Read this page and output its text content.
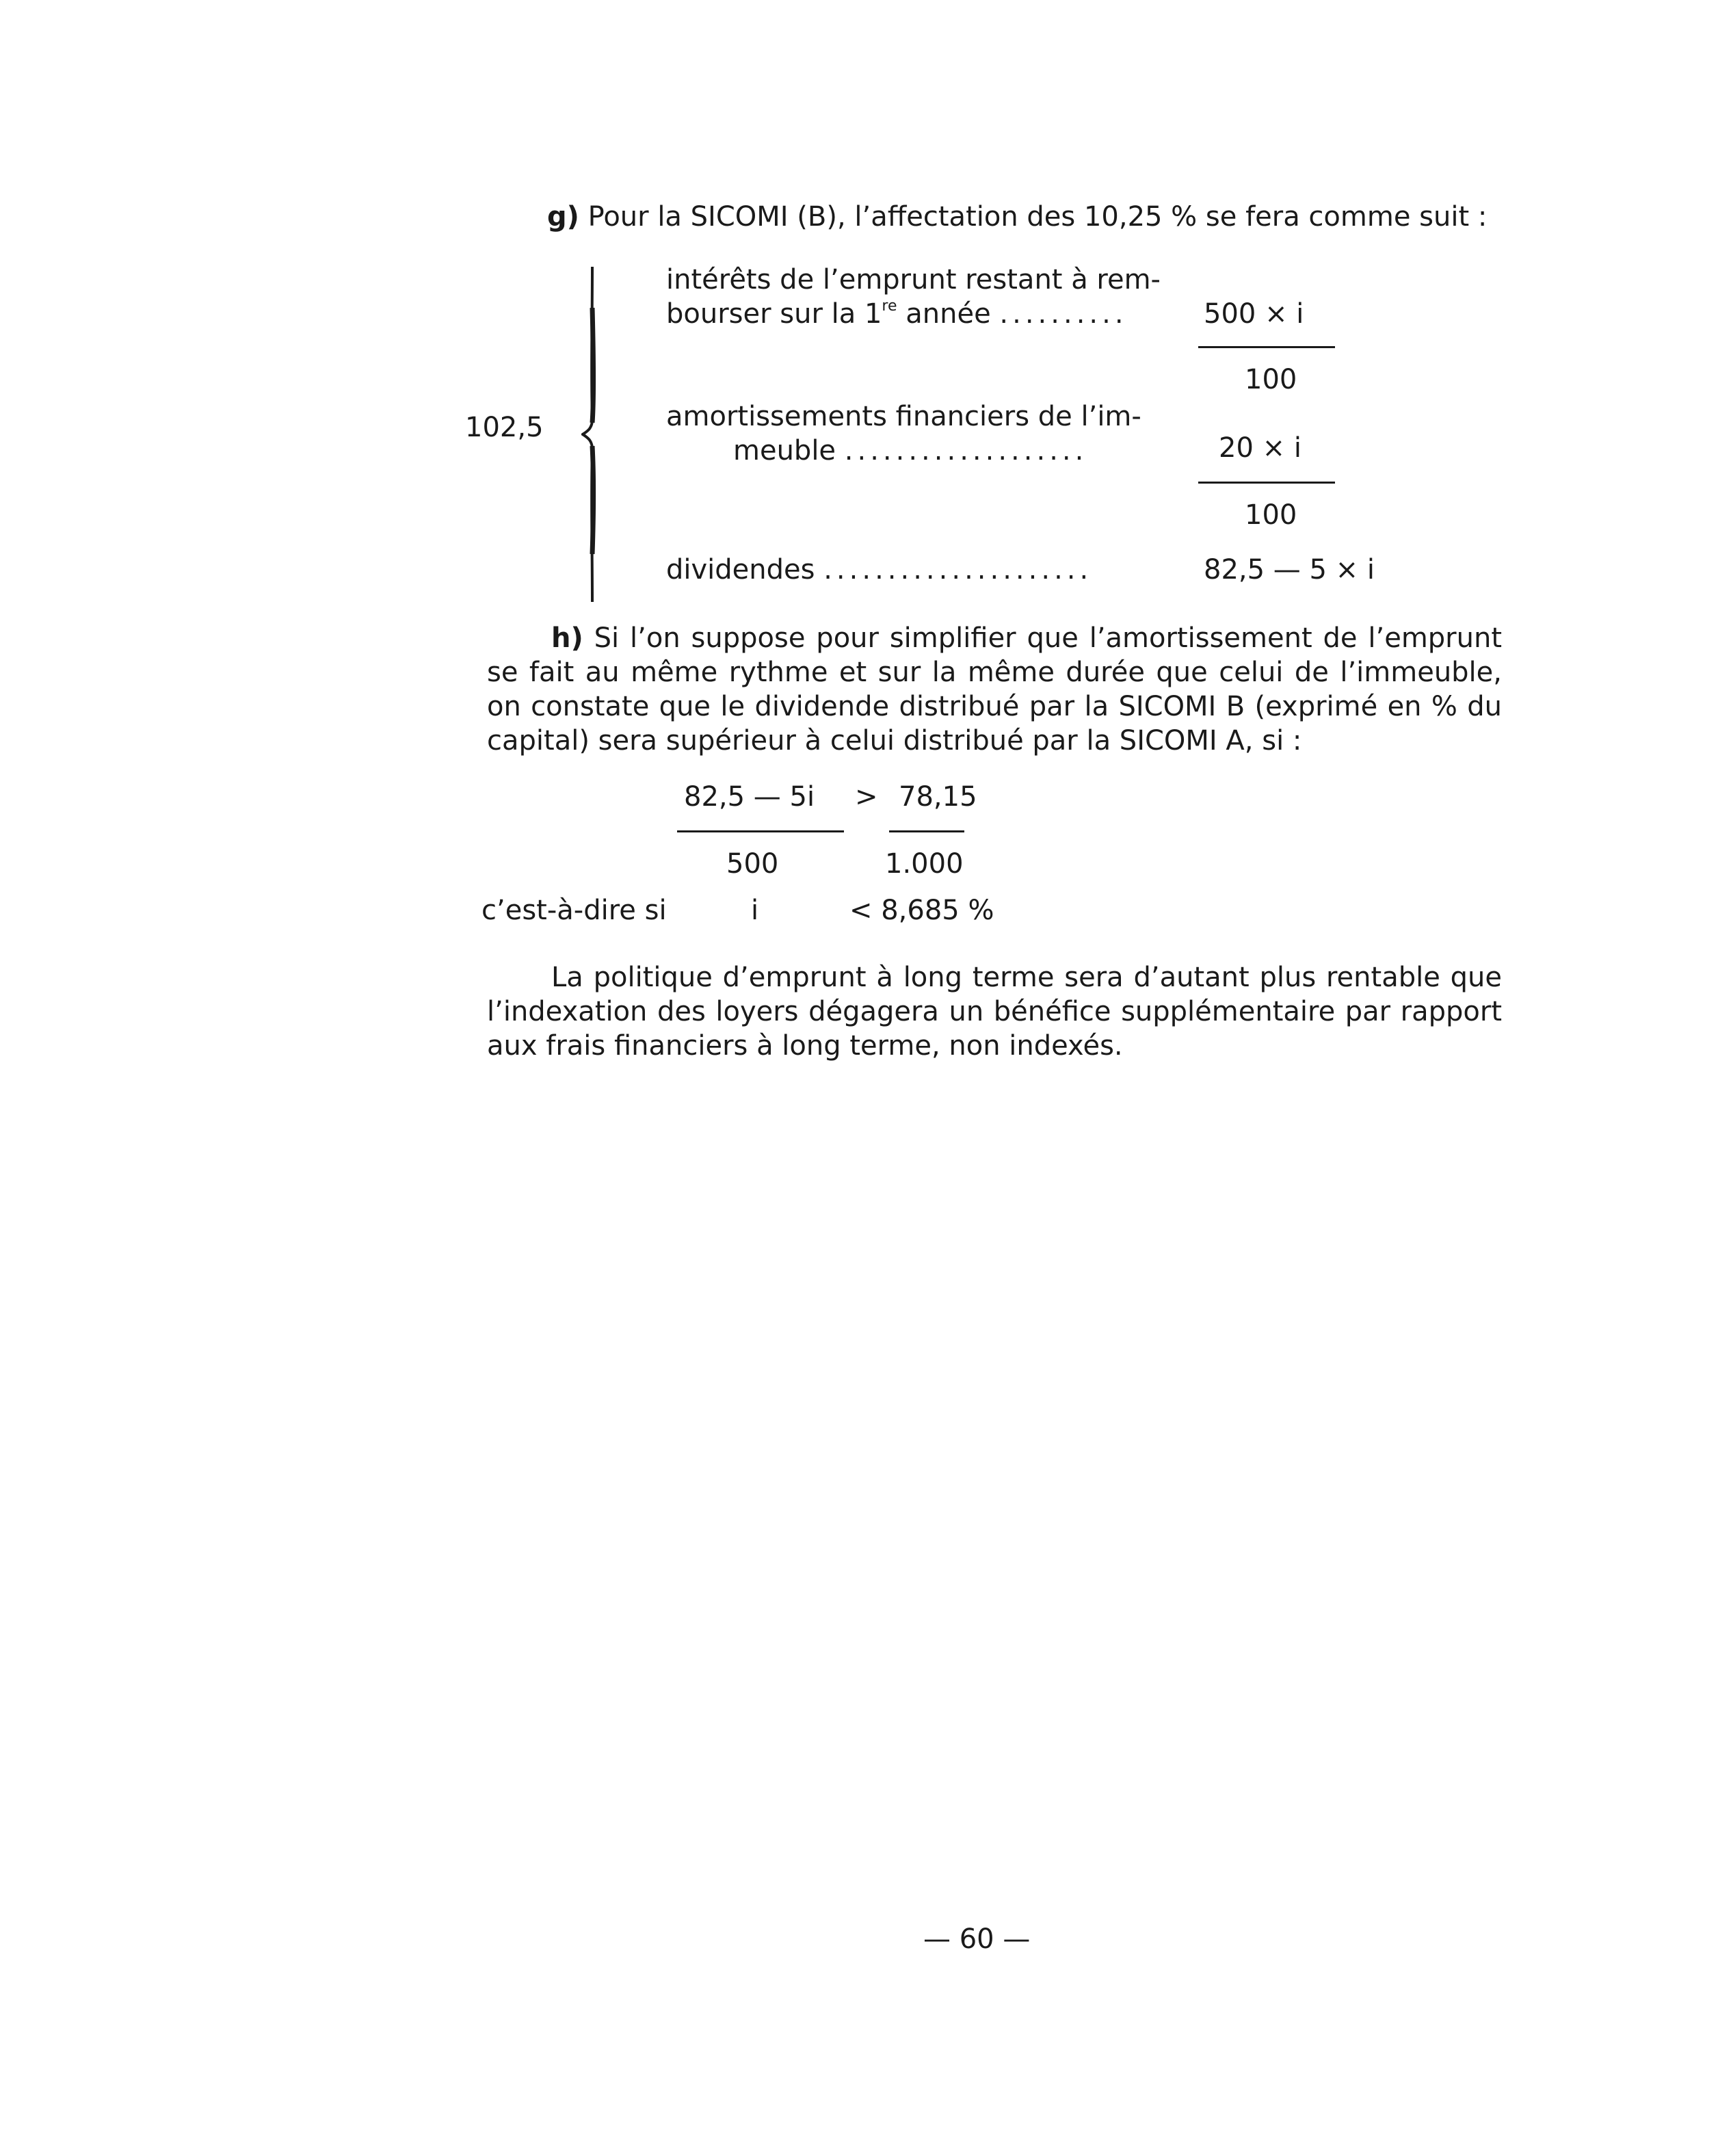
g) Pour la SICOMI (B), l’affectation des 10,25 % se fera comme suit :
102,5
intérêts de l’emprunt restant à rem-
bourser sur la 1re année ..........	500 × i
100
amortissements financiers de l’im-
meuble ...................	20 × i
100
dividendes .....................	82,5 — 5 × i
h) Si l’on suppose pour simplifier que l’amortissement de l’emprunt se fait au même rythme et sur la même durée que celui de l’immeuble, on constate que le dividende distribué par la SICOMI B (exprimé en % du capital) sera supérieur à celui distribué par la SICOMI A, si :
82,5 — 5i > 78,15
500	1.000
c’est-à-dire si	i	< 8,685 %
La politique d’emprunt à long terme sera d’autant plus rentable que l’indexation des loyers dégagera un bénéfice supplémentaire par rapport aux frais financiers à long terme, non indexés.
— 60 —
